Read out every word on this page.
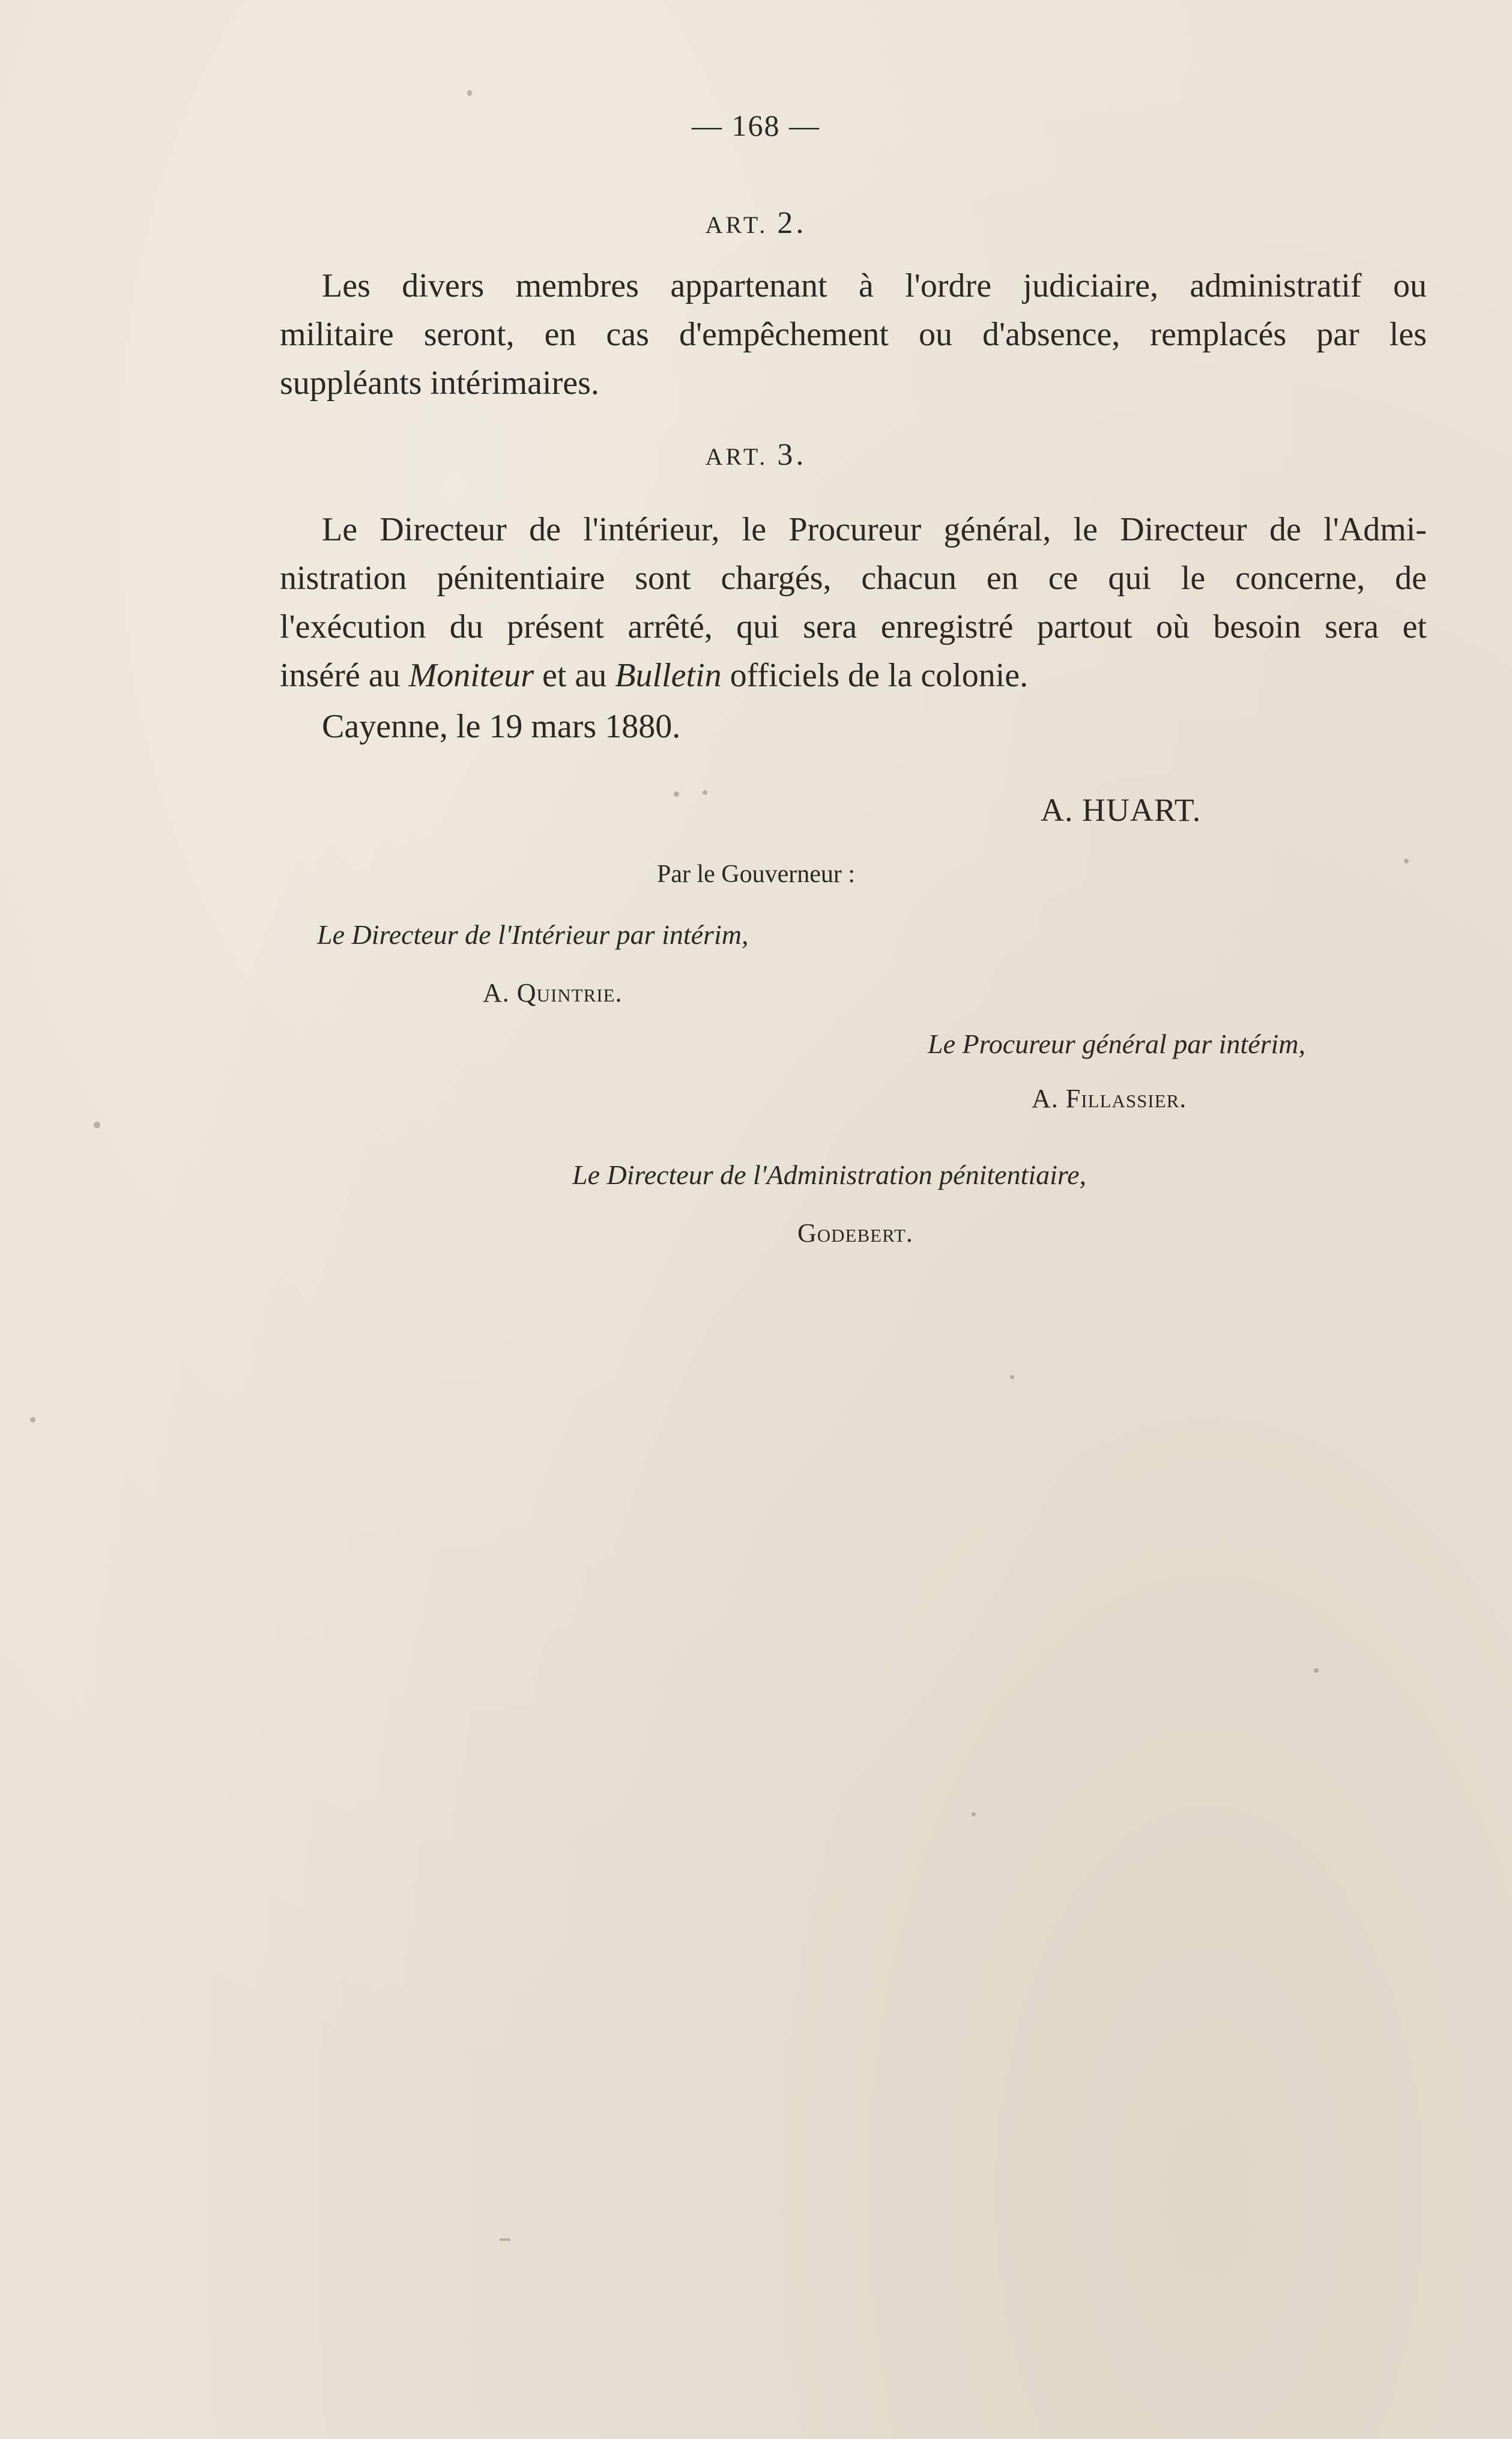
— 168 —
ART. 2.
Les divers membres appartenant à l'ordre judiciaire, administratif ou
militaire seront, en cas d'empêchement ou d'absence, remplacés par les
suppléants intérimaires.
ART. 3.
Le Directeur de l'intérieur, le Procureur général, le Directeur de l'Admi-
nistration pénitentiaire sont chargés, chacun en ce qui le concerne, de
l'exécution du présent arrêté, qui sera enregistré partout où besoin sera et
inséré au Moniteur et au Bulletin officiels de la colonie.
Cayenne, le 19 mars 1880.
A. HUART.
Par le Gouverneur :
Le Directeur de l'Intérieur par intérim,
A. Quintrie.
Le Procureur général par intérim,
A. Fillassier.
Le Directeur de l'Administration pénitentiaire,
Godebert.
